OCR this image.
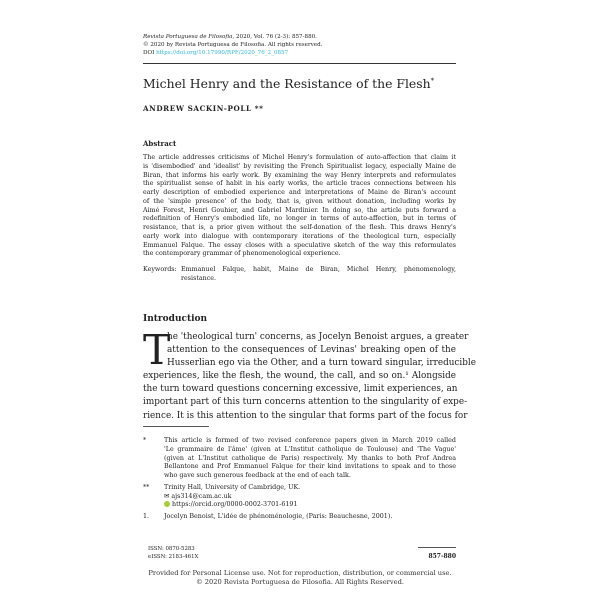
Revista Portuguesa de Filosofia, 2020, Vol. 76 (2-3): 857-880.
© 2020 by Revista Portuguesa de Filosofia. All rights reserved.
DOI https://doi.org/10.17990/RPF/2020_76_2_0857
Michel Henry and the Resistance of the Flesh*
ANDREW SACKIN-POLL **
Abstract
The article addresses criticisms of Michel Henry's formulation of auto-affection that claim it
is 'disembodied' and 'idealist' by revisiting the French Spiritualist legacy, especially Maine de
Biran, that informs his early work. By examining the way Henry interprets and reformulates
the spiritualist sense of habit in his early works, the article traces connections between his
early description of embodied experience and interpretations of Maine de Biran's account
of the 'simple presence' of the body, that is, given without donation, including works by
Aimé Forest, Henri Gouhier, and Gabriel Mardinier. In doing so, the article puts forward a
redefinition of Henry's embodied life, no longer in terms of auto-affection, but in terms of
resistance, that is, a prior given without the self-donation of the flesh. This draws Henry's
early work into dialogue with contemporary iterations of the theological turn, especially
Emmanuel Falque. The essay closes with a speculative sketch of the way this reformulates
the contemporary grammar of phenomenological experience.
Keywords: Emmanuel Falque, habit, Maine de Biran, Michel Henry, phenomenology,
resistance.
Introduction
T
he 'theological turn' concerns, as Jocelyn Benoist argues, a greater
attention to the consequences of Levinas' breaking open of the
Husserlian ego via the Other, and a turn toward singular, irreducible
experiences, like the flesh, the wound, the call, and so on.¹ Alongside
the turn toward questions concerning excessive, limit experiences, an
important part of this turn concerns attention to the singularity of expe-
rience. It is this attention to the singular that forms part of the focus for
*	This article is formed of two revised conference papers given in March 2019 called
'Le grammaire de l'âme' (given at L'Institut catholique de Toulouse) and 'The Vague'
(given at L'Institut catholique de Paris) respectively. My thanks to both Prof Andrea
Bellantone and Prof Emmanuel Falque for their kind invitations to speak and to those
who gave such generous feedback at the end of each talk.
** Trinity Hall, University of Cambridge, UK.
✉ ajs314@cam.ac.uk
https://orcid.org/0000-0002-3701-6191
1. Jocelyn Benoist, L'idée de phénoménologie, (Paris: Beauchesne, 2001).
ISSN: 0870-5283
eISSN: 2183-461X	857-880
Provided for Personal License use. Not for reproduction, distribution, or commercial use.
© 2020 Revista Portuguesa de Filosofia. All Rights Reserved.
